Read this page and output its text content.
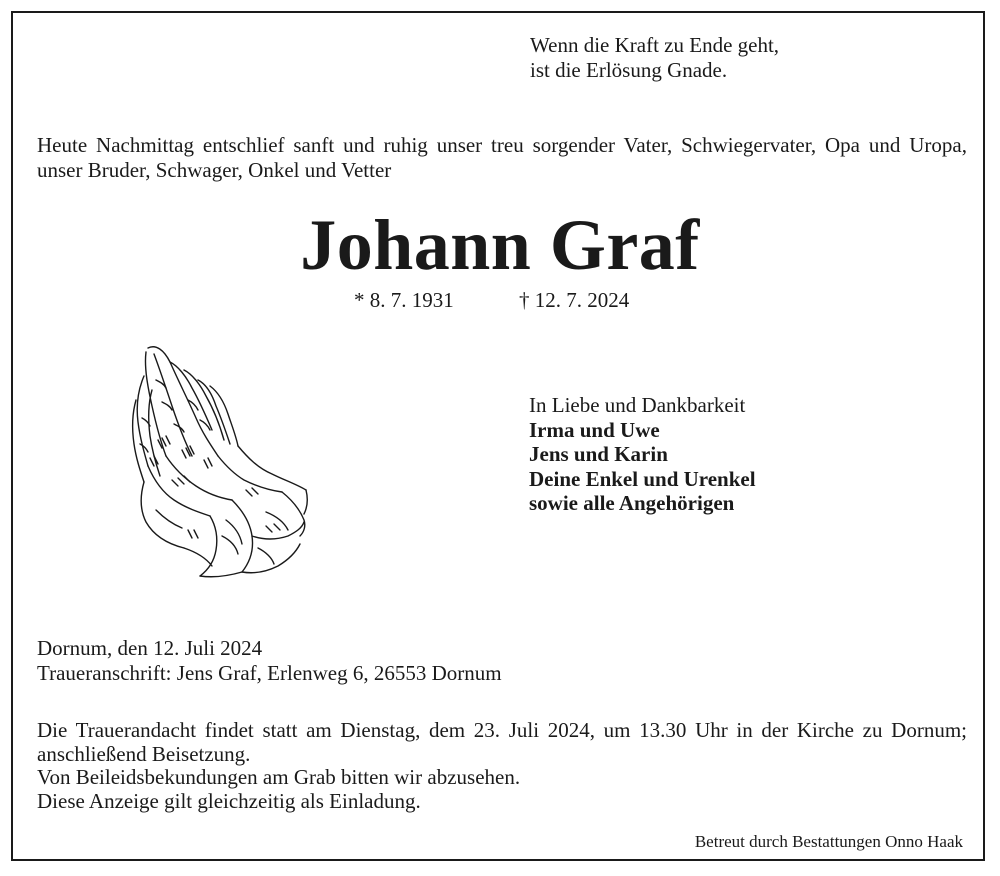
Wenn die Kraft zu Ende geht,
ist die Erlösung Gnade.
Heute Nachmittag entschlief sanft und ruhig unser treu sorgender Vater, Schwiegervater, Opa und Uropa, unser Bruder, Schwager, Onkel und Vetter
Johann Graf
* 8. 7. 1931	† 12. 7. 2024
In Liebe und Dankbarkeit
Irma und Uwe
Jens und Karin
Deine Enkel und Urenkel
sowie alle Angehörigen
Dornum, den 12. Juli 2024
Traueranschrift: Jens Graf, Erlenweg 6, 26553 Dornum
Die Trauerandacht findet statt am Dienstag, dem 23. Juli 2024, um 13.30 Uhr in der Kirche zu Dornum; anschließend Beisetzung.
Von Beileidsbekundungen am Grab bitten wir abzusehen.
Diese Anzeige gilt gleichzeitig als Einladung.
Betreut durch Bestattungen Onno Haak
